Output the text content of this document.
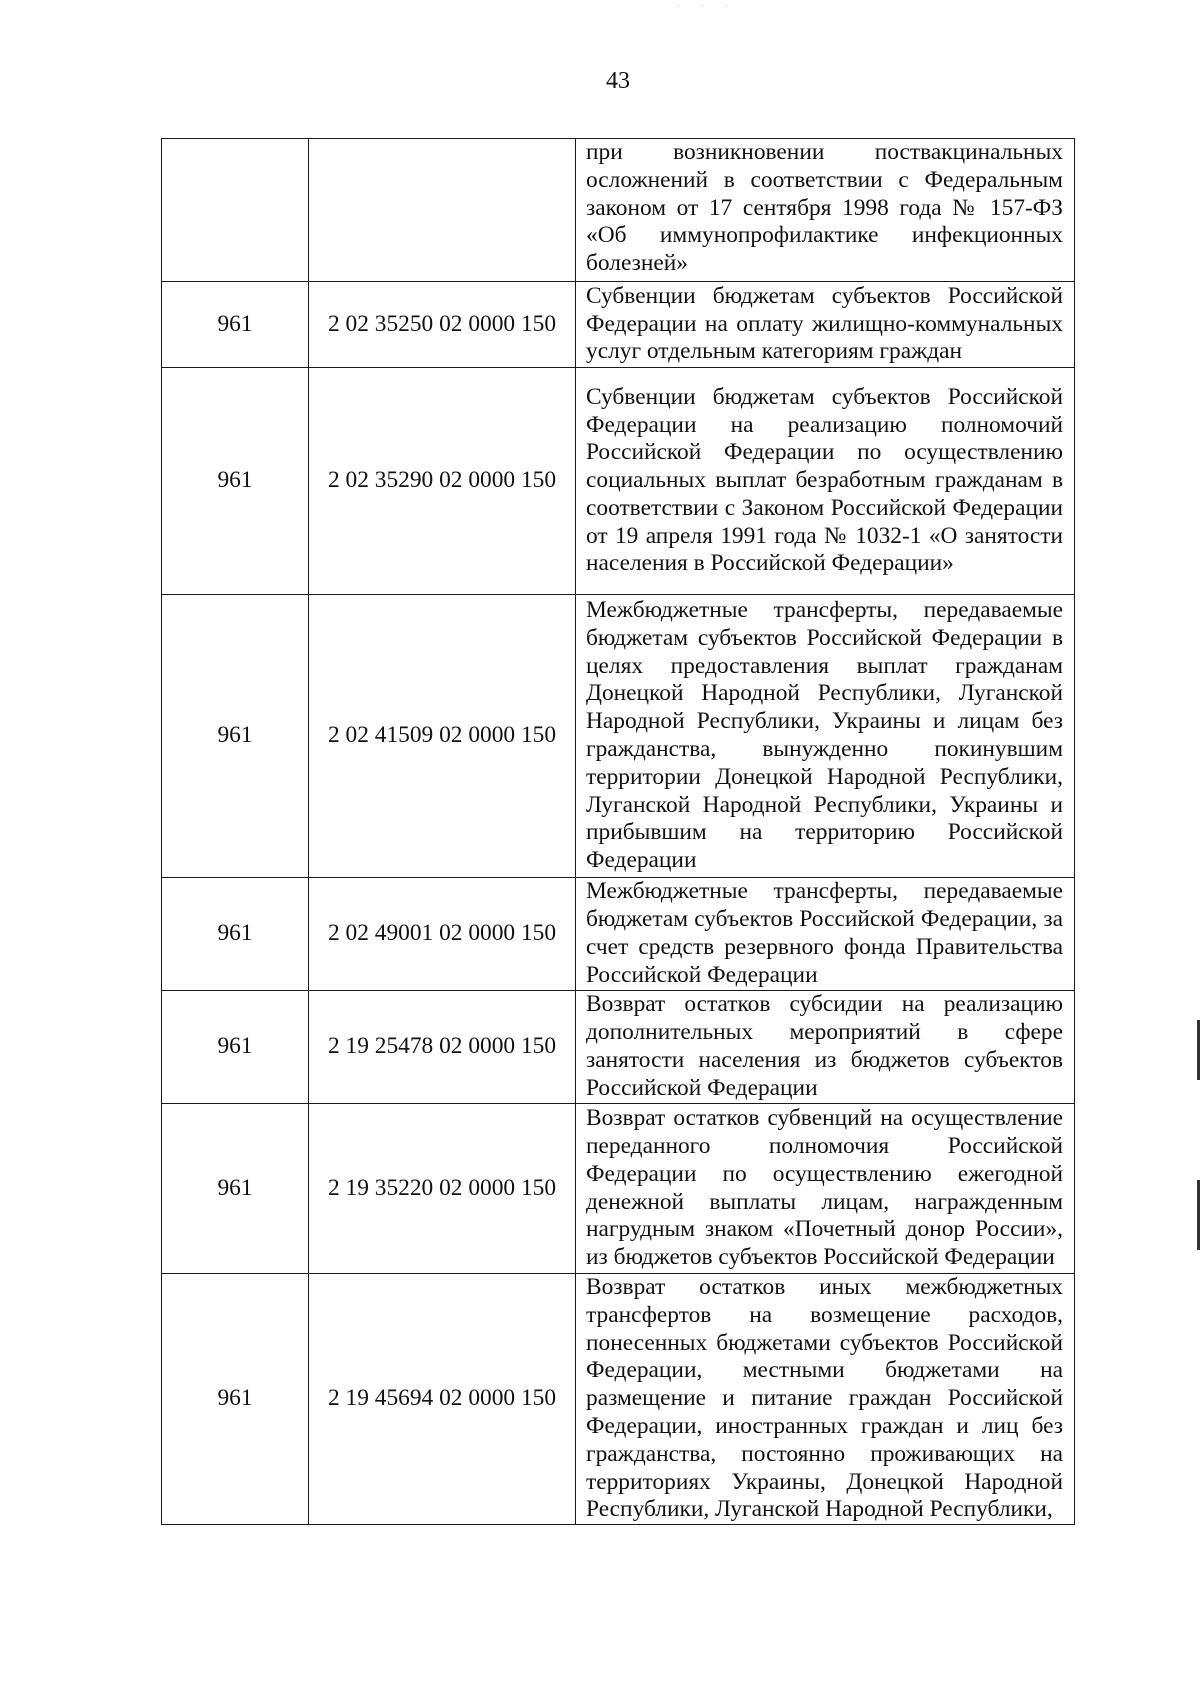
· · ·
43
		при возникновении поствакцинальных осложнений в соответствии с Федеральным законом от 17 сентября 1998 года № 157-ФЗ «Об иммунопрофилактике инфекционных болезней»
961	2 02 35250 02 0000 150	Субвенции бюджетам субъектов Российской Федерации на оплату жилищно-коммунальных услуг отдельным категориям граждан
961	2 02 35290 02 0000 150	Субвенции бюджетам субъектов Российской Федерации на реализацию полномочий Российской Федерации по осуществлению социальных выплат безработным гражданам в соответствии с Законом Российской Федерации от 19 апреля 1991 года № 1032-1 «О занятости населения в Российской Федерации»
961	2 02 41509 02 0000 150	Межбюджетные трансферты, передаваемые бюджетам субъектов Российской Федерации в целях предоставления выплат гражданам Донецкой Народной Республики, Луганской Народной Республики, Украины и лицам без гражданства, вынужденно покинувшим территории Донецкой Народной Республики, Луганской Народной Республики, Украины и прибывшим на территорию Российской Федерации
961	2 02 49001 02 0000 150	Межбюджетные трансферты, передаваемые бюджетам субъектов Российской Федерации, за счет средств резервного фонда Правительства Российской Федерации
961	2 19 25478 02 0000 150	Возврат остатков субсидии на реализацию дополнительных мероприятий в сфере занятости населения из бюджетов субъектов Российской Федерации
961	2 19 35220 02 0000 150	Возврат остатков субвенций на осуществление переданного полномочия Российской Федерации по осуществлению ежегодной денежной выплаты лицам, награжденным нагрудным знаком «Почетный донор России», из бюджетов субъектов Российской Федерации
961	2 19 45694 02 0000 150	Возврат остатков иных межбюджетных трансфертов на возмещение расходов, понесенных бюджетами субъектов Российской Федерации, местными бюджетами на размещение и питание граждан Российской Федерации, иностранных граждан и лиц без гражданства, постоянно проживающих на территориях Украины, Донецкой Народной Республики, Луганской Народной Республики,
